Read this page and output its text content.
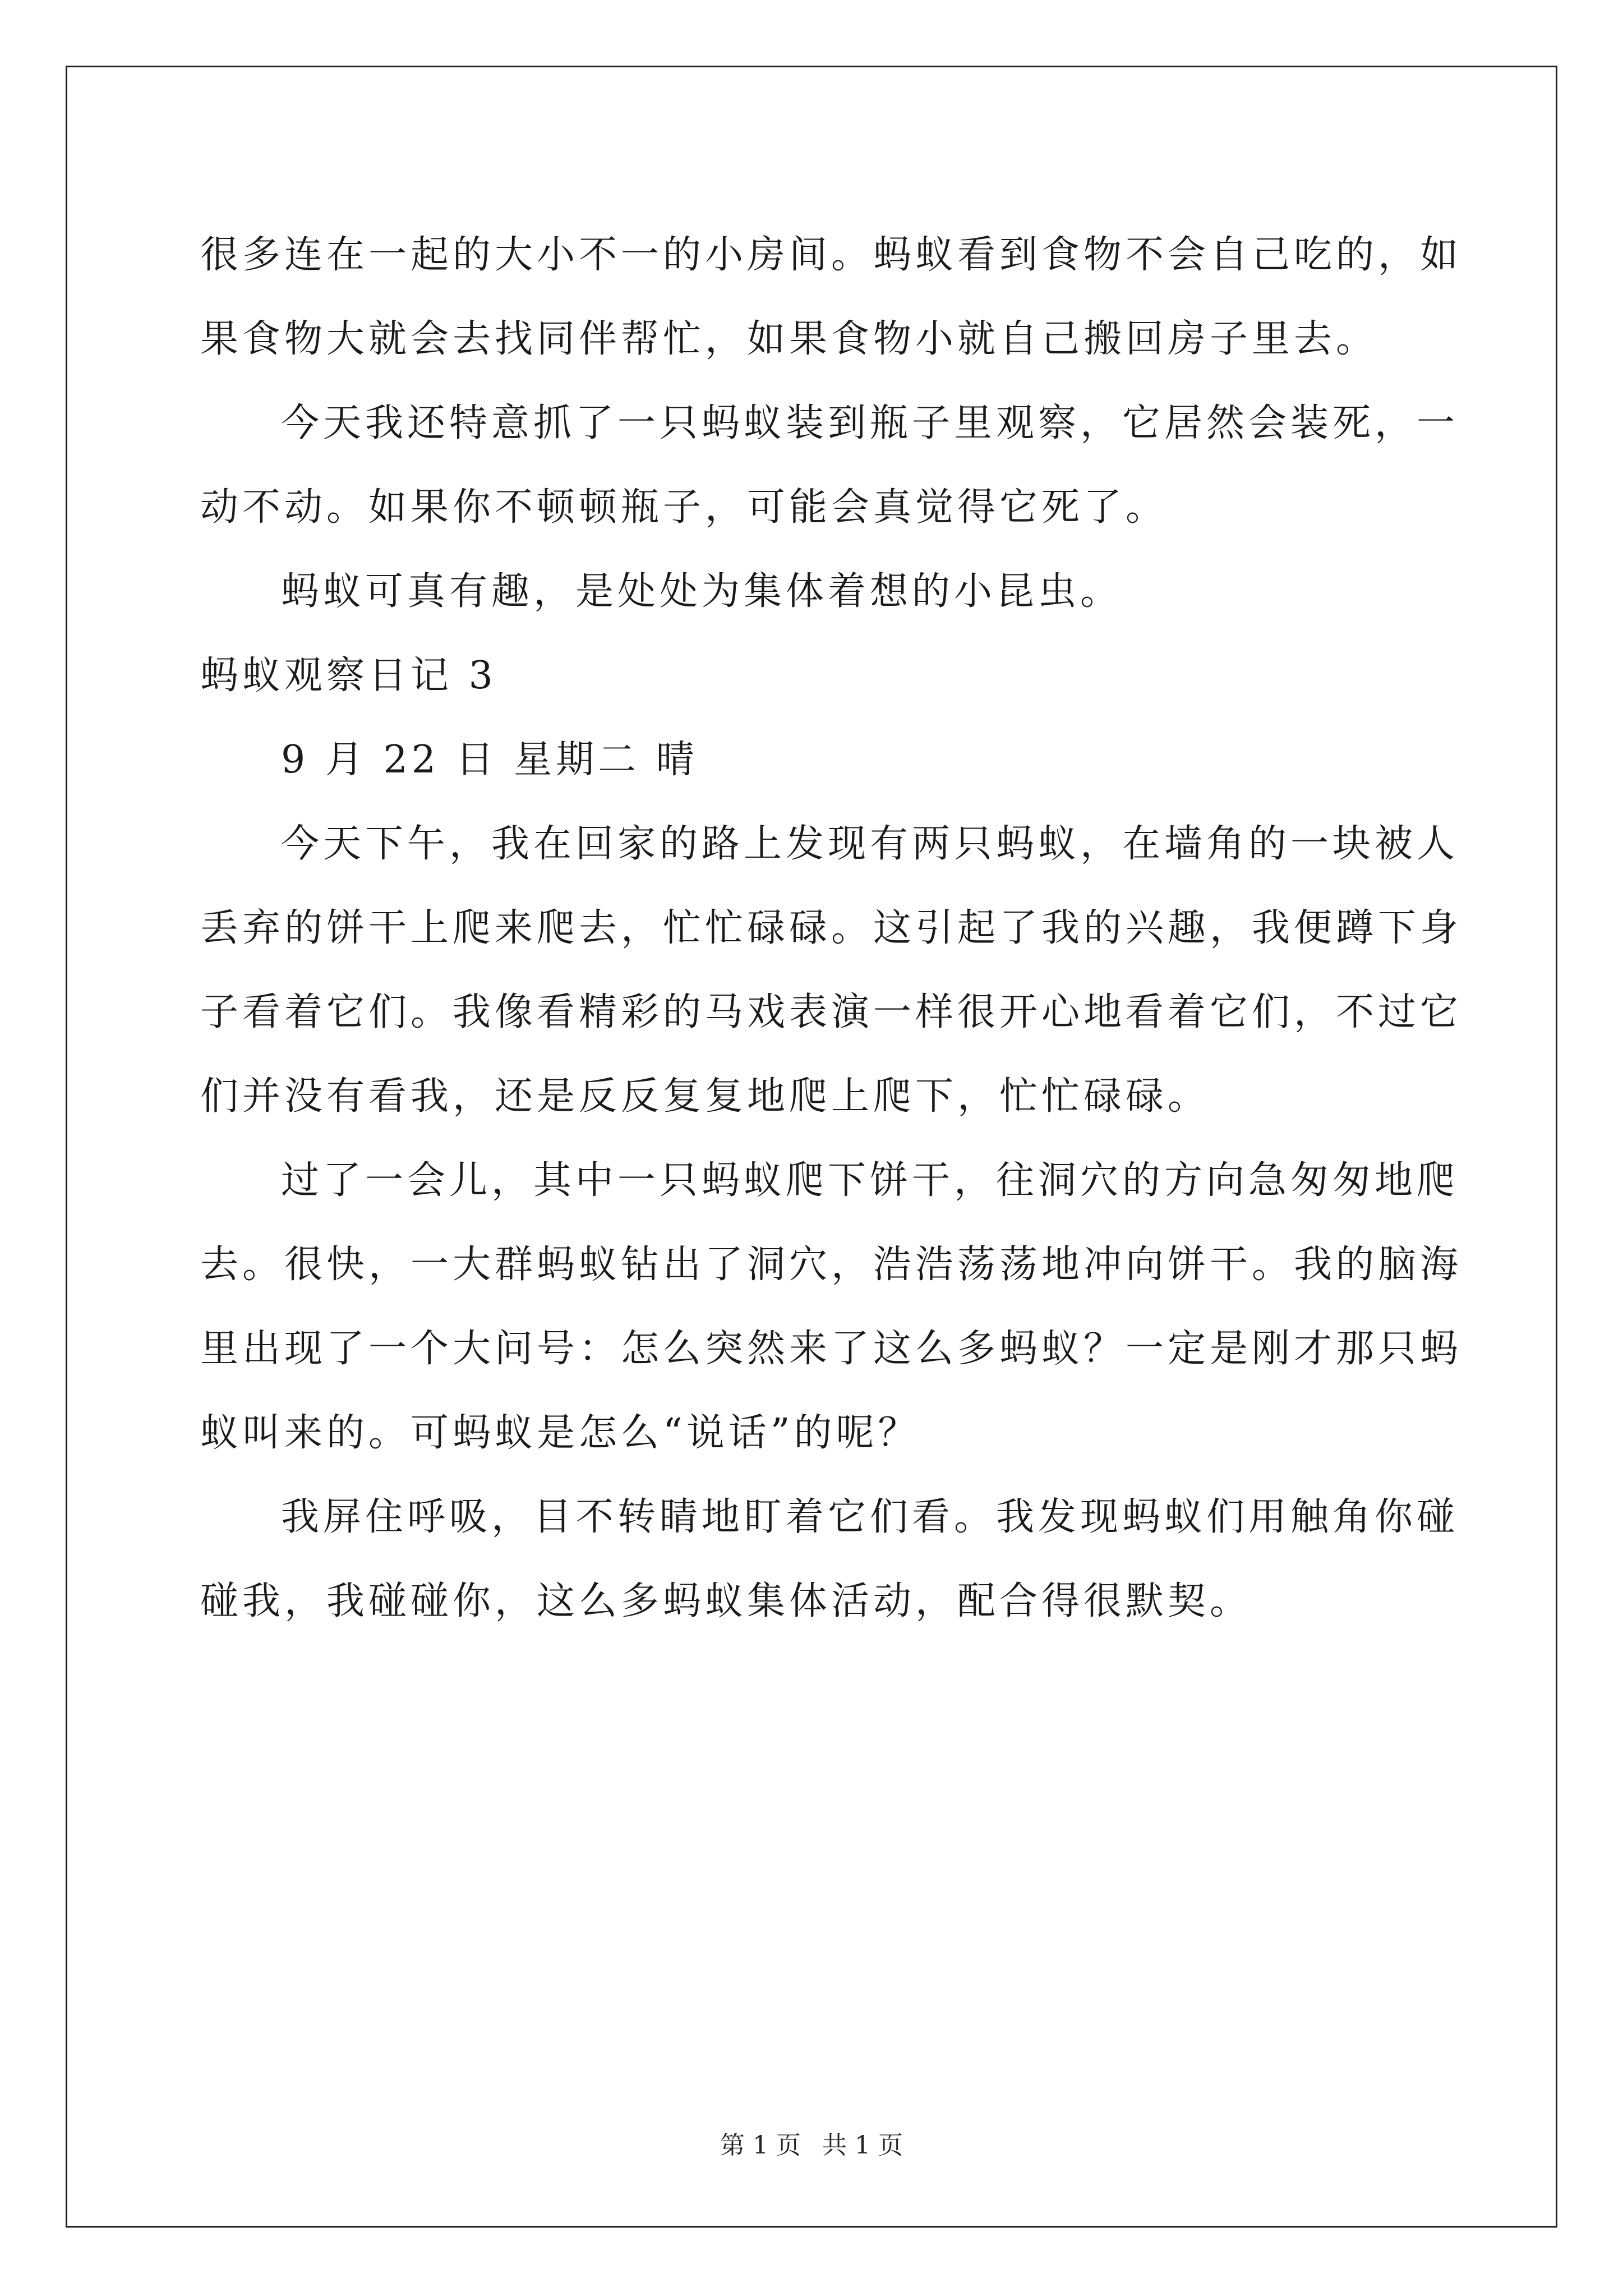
很多连在一起的大小不一的小房间。蚂蚁看到食物不会自己吃的，如
果食物大就会去找同伴帮忙，如果食物小就自己搬回房子里去。
今天我还特意抓了一只蚂蚁装到瓶子里观察，它居然会装死，一
动不动。如果你不顿顿瓶子，可能会真觉得它死了。
蚂蚁可真有趣，是处处为集体着想的小昆虫。
蚂蚁观察日记 3
9 月 22 日 星期二 晴
今天下午，我在回家的路上发现有两只蚂蚁，在墙角的一块被人
丢弃的饼干上爬来爬去，忙忙碌碌。这引起了我的兴趣，我便蹲下身
子看着它们。我像看精彩的马戏表演一样很开心地看着它们，不过它
们并没有看我，还是反反复复地爬上爬下，忙忙碌碌。
过了一会儿，其中一只蚂蚁爬下饼干，往洞穴的方向急匆匆地爬
去。很快，一大群蚂蚁钻出了洞穴，浩浩荡荡地冲向饼干。我的脑海
里出现了一个大问号：怎么突然来了这么多蚂蚁？一定是刚才那只蚂
蚁叫来的。可蚂蚁是怎么“说话”的呢？
我屏住呼吸，目不转睛地盯着它们看。我发现蚂蚁们用触角你碰
碰我，我碰碰你，这么多蚂蚁集体活动，配合得很默契。
第 1 页 共 1 页
